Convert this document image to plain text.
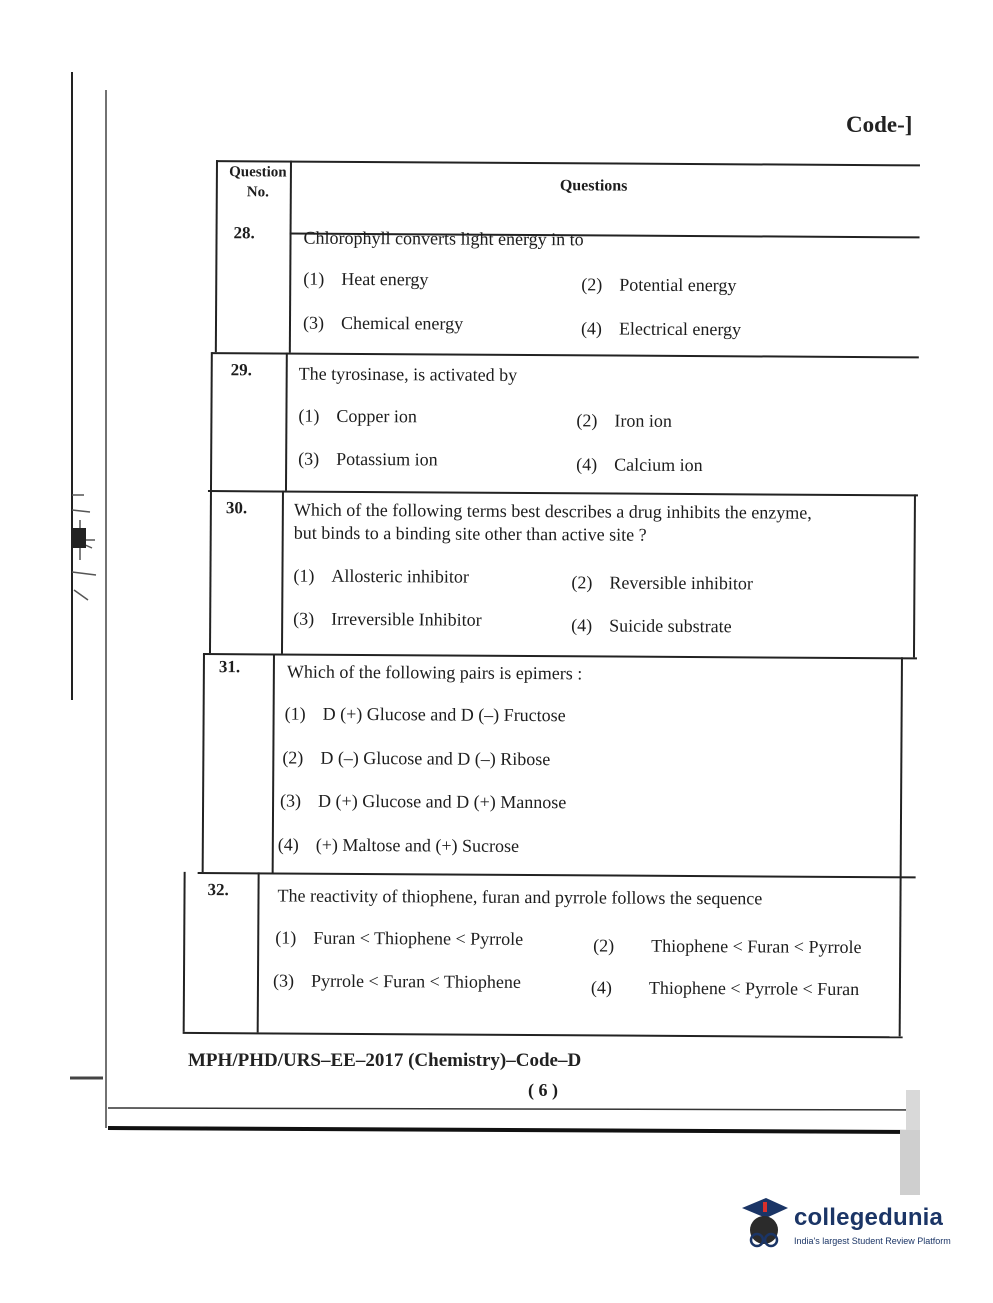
Code-]
Question No.	Questions
28.	Chlorophyll converts light energy in to
(1) Heat energy	(2) Potential energy
(3) Chemical energy	(4) Electrical energy
29.	The tyrosinase, is activated by
(1) Copper ion	(2) Iron ion
(3) Potassium ion	(4) Calcium ion
30.	Which of the following terms best describes a drug inhibits the enzyme,
but binds to a binding site other than active site ?
(1) Allosteric inhibitor	(2) Reversible inhibitor
(3) Irreversible Inhibitor	(4) Suicide substrate
31.	Which of the following pairs is epimers :
(1) D (+) Glucose and D (–) Fructose
(2) D (–) Glucose and D (–) Ribose
(3) D (+) Glucose and D (+) Mannose
(4) (+) Maltose and (+) Sucrose
32.	The reactivity of thiophene, furan and pyrrole follows the sequence
(1) Furan < Thiophene < Pyrrole	(2) Thiophene < Furan < Pyrrole
(3) Pyrrole < Furan < Thiophene	(4) Thiophene < Pyrrole < Furan
MPH/PHD/URS–EE–2017 (Chemistry)–Code–D
( 6 )
collegedunia
India's largest Student Review Platform
